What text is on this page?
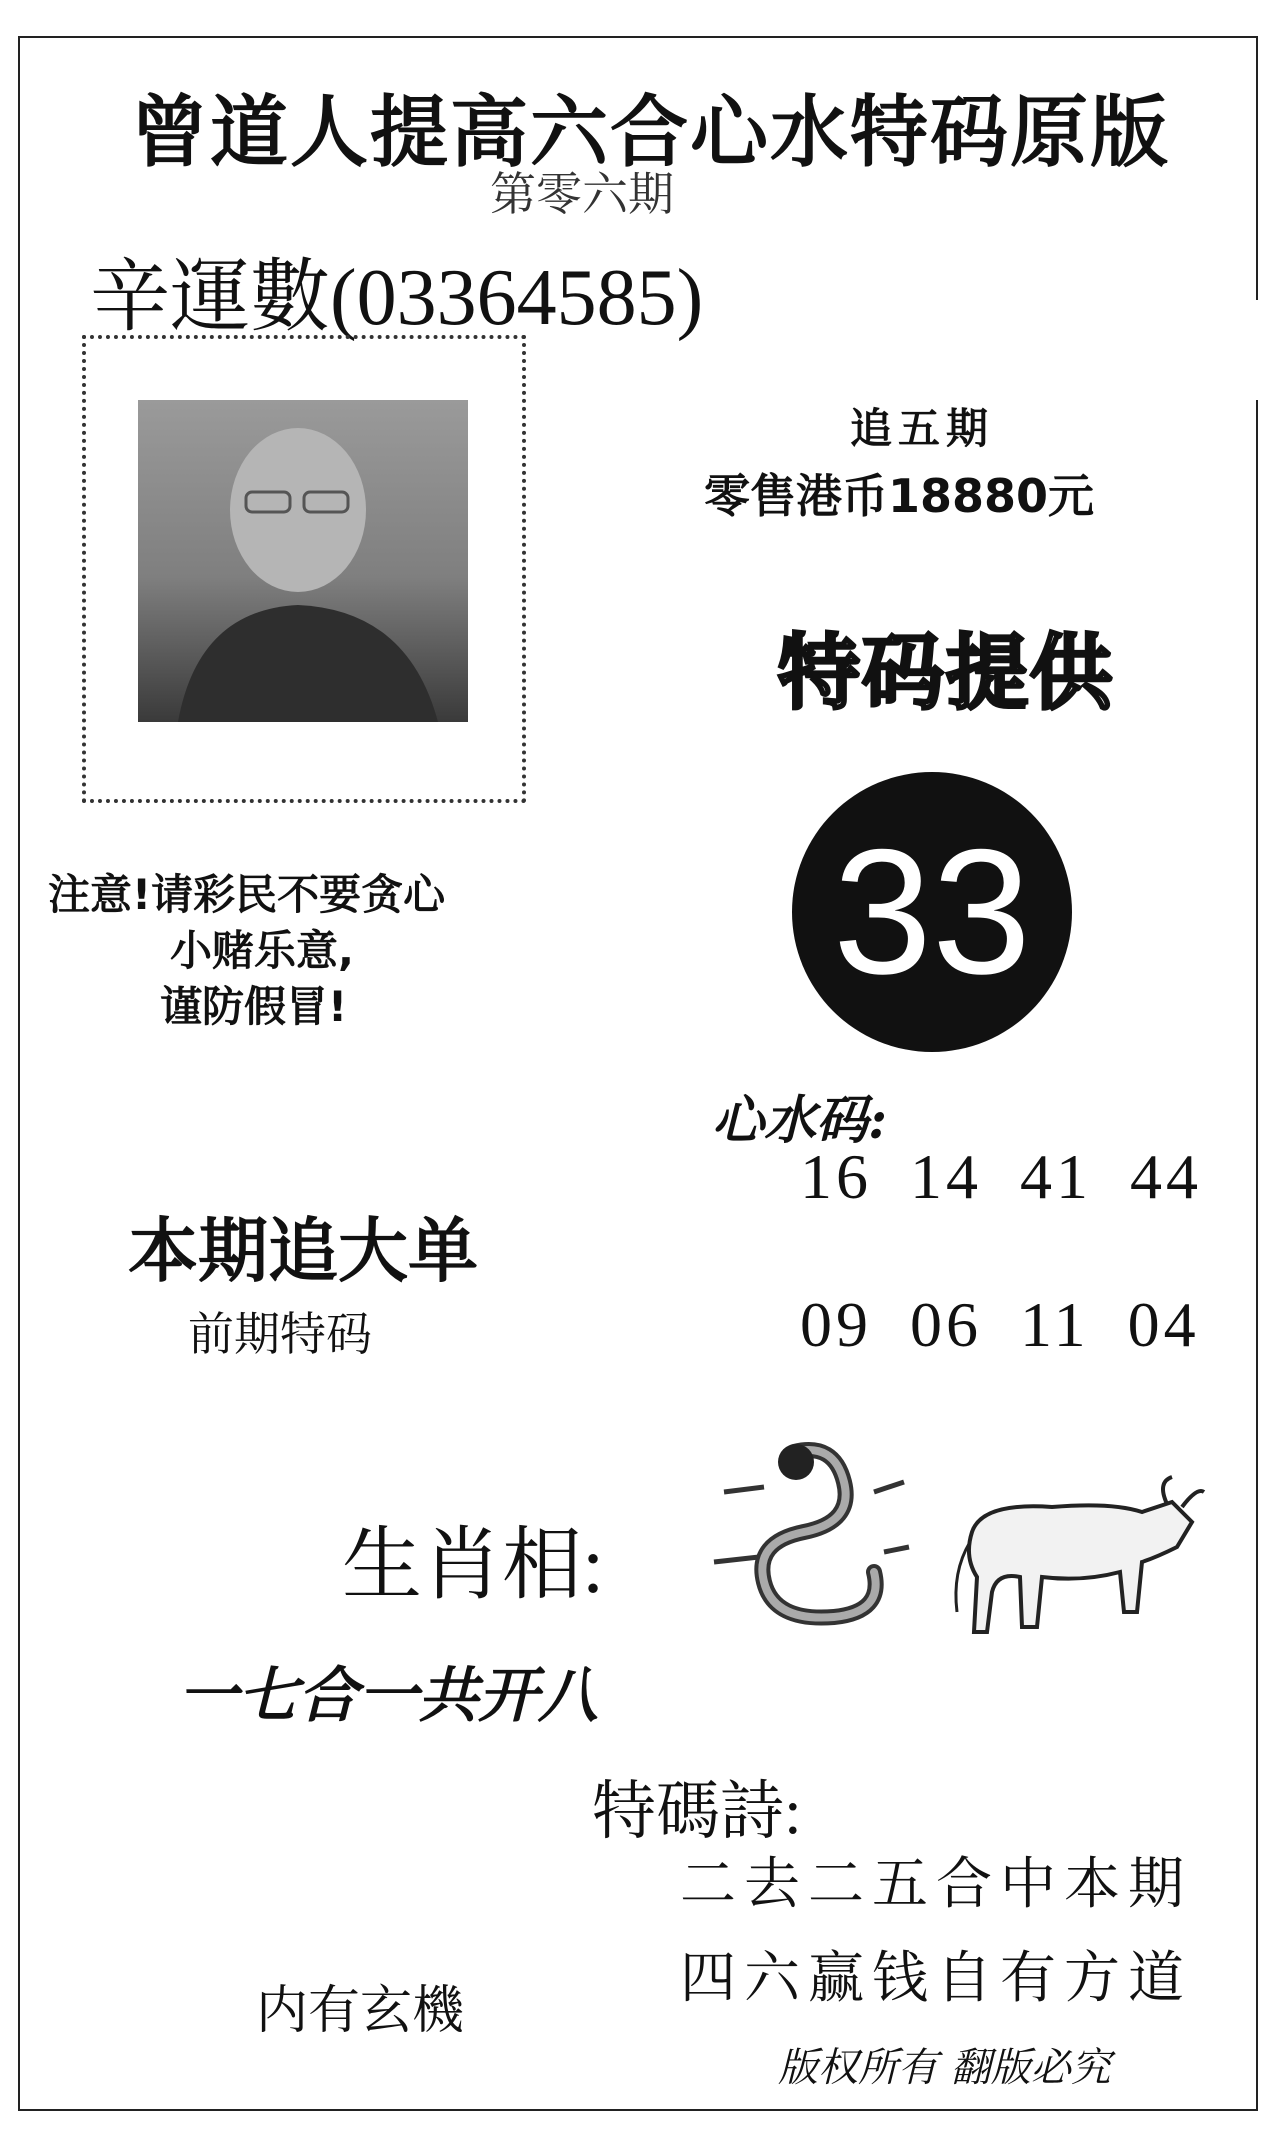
曾道人提高六合心水特码原版
第零六期
辛運數(03364585)
追五期
零售港币18880元
特码提供
33
注意!请彩民不要贪心
小赌乐意,
谨防假冒!
心水码:
16 14 41 44
09 06 11 04
本期追大单
前期特码
生肖相:
一七合一共开八
特碼詩:
二去二五合中本期
四六赢钱自有方道
内有玄機
版权所有 翻版必究
